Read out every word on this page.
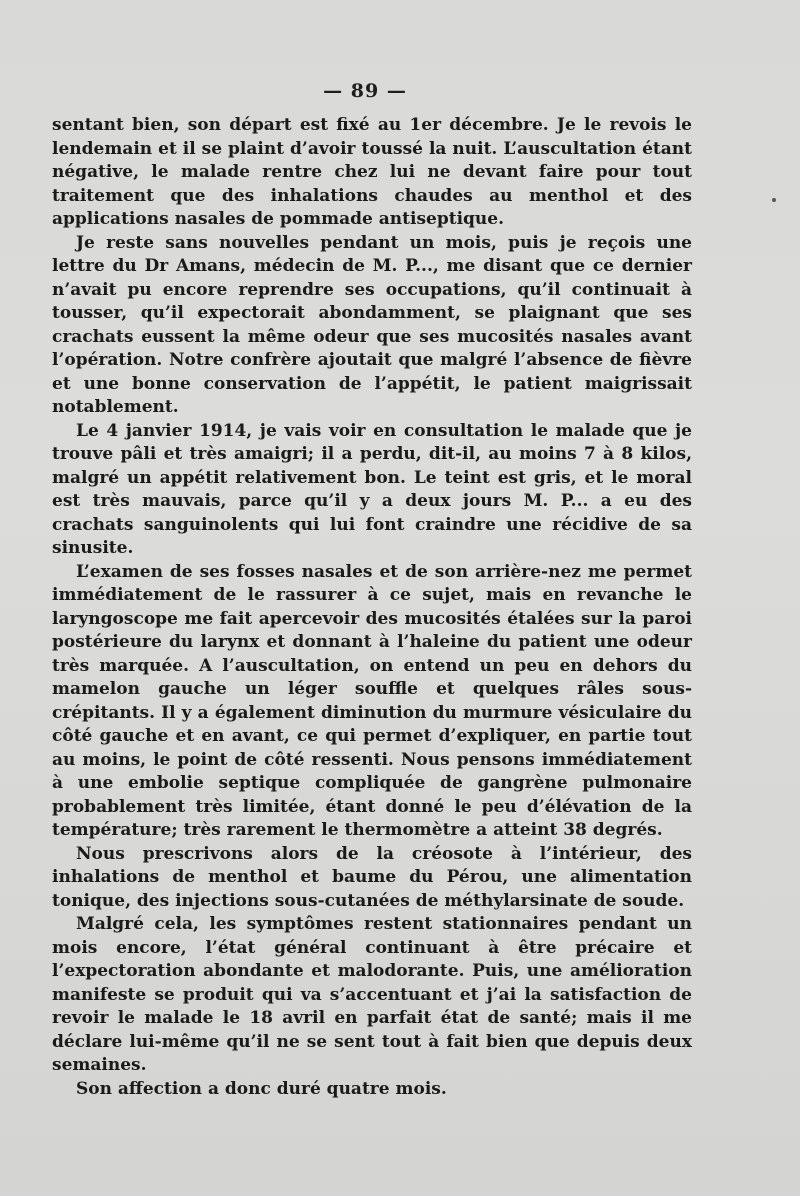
— 89 —

sentant bien, son départ est fixé au 1er décembre. Je le revois le lendemain et il se plaint d’avoir toussé la nuit. L’auscultation étant négative, le malade rentre chez lui ne devant faire pour tout traitement que des inhalations chaudes au menthol et des applications nasales de pommade antiseptique.

Je reste sans nouvelles pendant un mois, puis je reçois une lettre du Dr Amans, médecin de M. P..., me disant que ce dernier n’avait pu encore reprendre ses occupations, qu’il continuait à tousser, qu’il expectorait abondamment, se plaignant que ses crachats eussent la même odeur que ses mucosités nasales avant l’opération. Notre confrère ajoutait que malgré l’absence de fièvre et une bonne conservation de l’appétit, le patient maigrissait notablement.

Le 4 janvier 1914, je vais voir en consultation le malade que je trouve pâli et très amaigri; il a perdu, dit-il, au moins 7 à 8 kilos, malgré un appétit relativement bon. Le teint est gris, et le moral est très mauvais, parce qu’il y a deux jours M. P... a eu des crachats sanguinolents qui lui font craindre une récidive de sa sinusite.

L’examen de ses fosses nasales et de son arrière-nez me permet immédiatement de le rassurer à ce sujet, mais en revanche le laryngoscope me fait apercevoir des mucosités étalées sur la paroi postérieure du larynx et donnant à l’haleine du patient une odeur très marquée. A l’auscultation, on entend un peu en dehors du mamelon gauche un léger souffle et quelques râles sous-crépitants. Il y a également diminution du murmure vésiculaire du côté gauche et en avant, ce qui permet d’expliquer, en partie tout au moins, le point de côté ressenti. Nous pensons immédiatement à une embolie septique compliquée de gangrène pulmonaire probablement très limitée, étant donné le peu d’élévation de la température; très rarement le thermomètre a atteint 38 degrés.

Nous prescrivons alors de la créosote à l’intérieur, des inhalations de menthol et baume du Pérou, une alimentation tonique, des injections sous-cutanées de méthylarsinate de soude.

Malgré cela, les symptômes restent stationnaires pendant un mois encore, l’état général continuant à être précaire et l’expectoration abondante et malodorante. Puis, une amélioration manifeste se produit qui va s’accentuant et j’ai la satisfaction de revoir le malade le 18 avril en parfait état de santé; mais il me déclare lui-même qu’il ne se sent tout à fait bien que depuis deux semaines.

Son affection a donc duré quatre mois.
